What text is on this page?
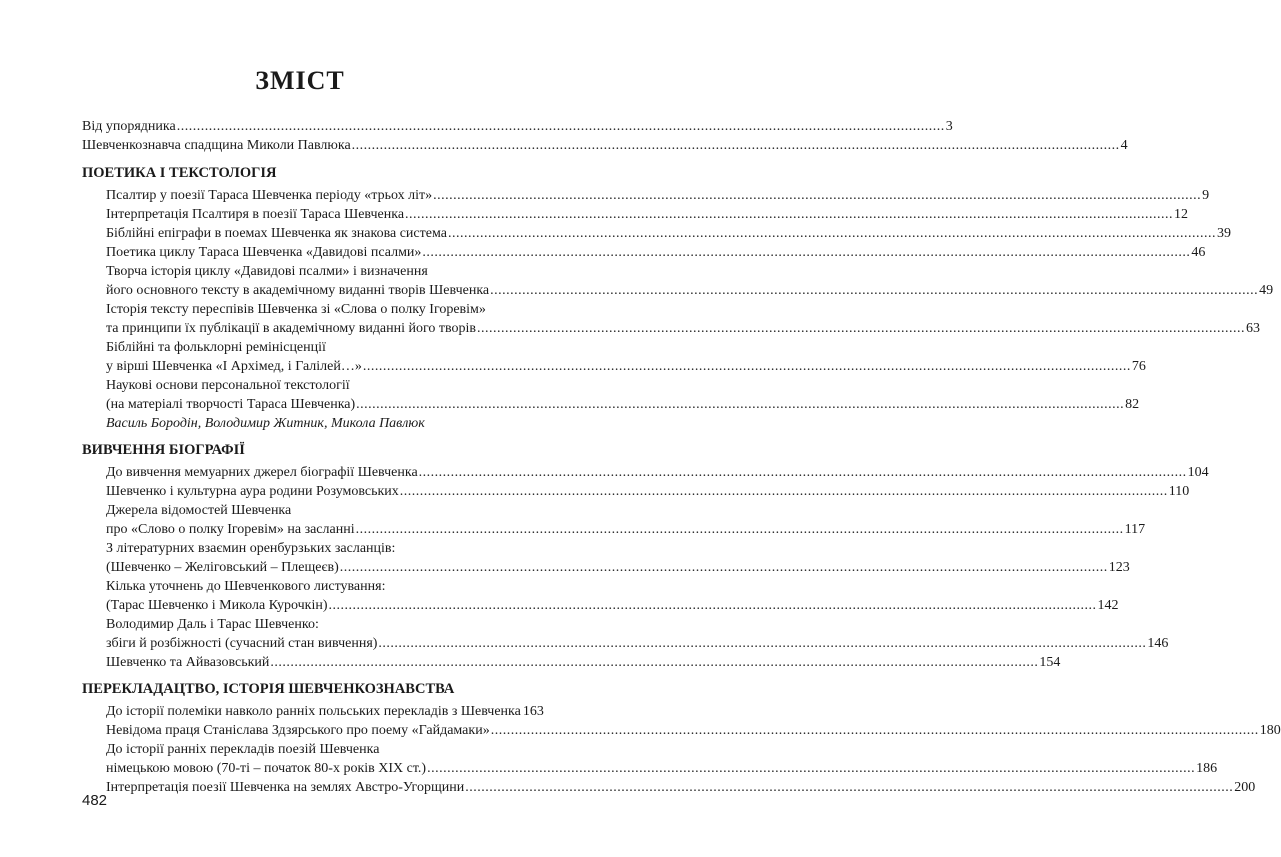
ЗМІСТ
Від упорядника .....	3
Шевченкознавча спадщина Миколи Павлюка .....	4
ПОЕТИКА І ТЕКСТОЛОГІЯ
Псалтир у поезії Тараса Шевченка періоду «трьох літ» .....	9
Інтерпретація Псалтиря в поезії Тараса Шевченка .....	12
Біблійні епіграфи в поемах Шевченка як знакова система .....	39
Поетика циклу Тараса Шевченка «Давидові псалми» .....	46
Творча історія циклу «Давидові псалми» і визначення
його основного тексту в академічному виданні творів Шевченка .....	49
Історія тексту переспівів Шевченка зі «Слова о полку Ігоревім»
та принципи їх публікації в академічному виданні його творів .....	63
Біблійні та фольклорні ремінісценції
у вірші Шевченка «І Архімед, і Галілей…» .....	76
Наукові основи персональної текстології
(на матеріалі творчості Тараса Шевченка) .....	82
Василь Бородін, Володимир Житник, Микола Павлюк
ВИВЧЕННЯ БІОГРАФІЇ
До вивчення мемуарних джерел біографії Шевченка .....	104
Шевченко і культурна аура родини Розумовських .....	110
Джерела відомостей Шевченка
про «Слово о полку Ігоревім» на засланні .....	117
З літературних взаємин оренбурзьких засланців:
(Шевченко – Желіговський – Плещеєв) .....	123
Кілька уточнень до Шевченкового листування:
(Тарас Шевченко і Микола Курочкін) .....	142
Володимир Даль і Тарас Шевченко:
збіги й розбіжності (сучасний стан вивчення) .....	146
Шевченко та Айвазовський .....	154
ПЕРЕКЛАДАЦТВО, ІСТОРІЯ ШЕВЧЕНКОЗНАВСТВА
До історії полеміки навколо ранніх польських перекладів з Шевченка 163
Невідома праця Станіслава Здзярського про поему «Гайдамаки» .....	180
До історії ранніх перекладів поезій Шевченка
німецькою мовою (70-ті – початок 80-х років XIX ст.) .....	186
Інтерпретація поезії Шевченка на землях Австро-Угорщини .....	200
482
